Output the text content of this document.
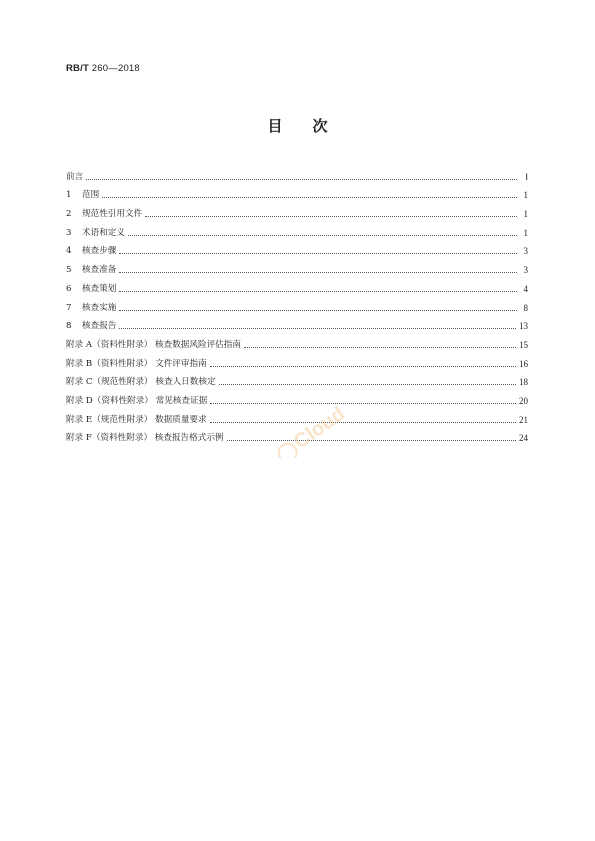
RB/T 260—2018
目次
前言	Ⅰ
1	范围	1
2	规范性引用文件	1
3	术语和定义	1
4	核查步骤	3
5	核查准备	3
6	核查策划	4
7	核查实施	8
8	核查报告	13
附录 A（资料性附录） 核查数据风险评估指南	15
附录 B（资料性附录） 文件评审指南	16
附录 C（规范性附录） 核查人日数核定	18
附录 D（资料性附录） 常见核查证据	20
附录 E（规范性附录） 数据质量要求	21
附录 F（资料性附录） 核查报告格式示例	24
Cloud
